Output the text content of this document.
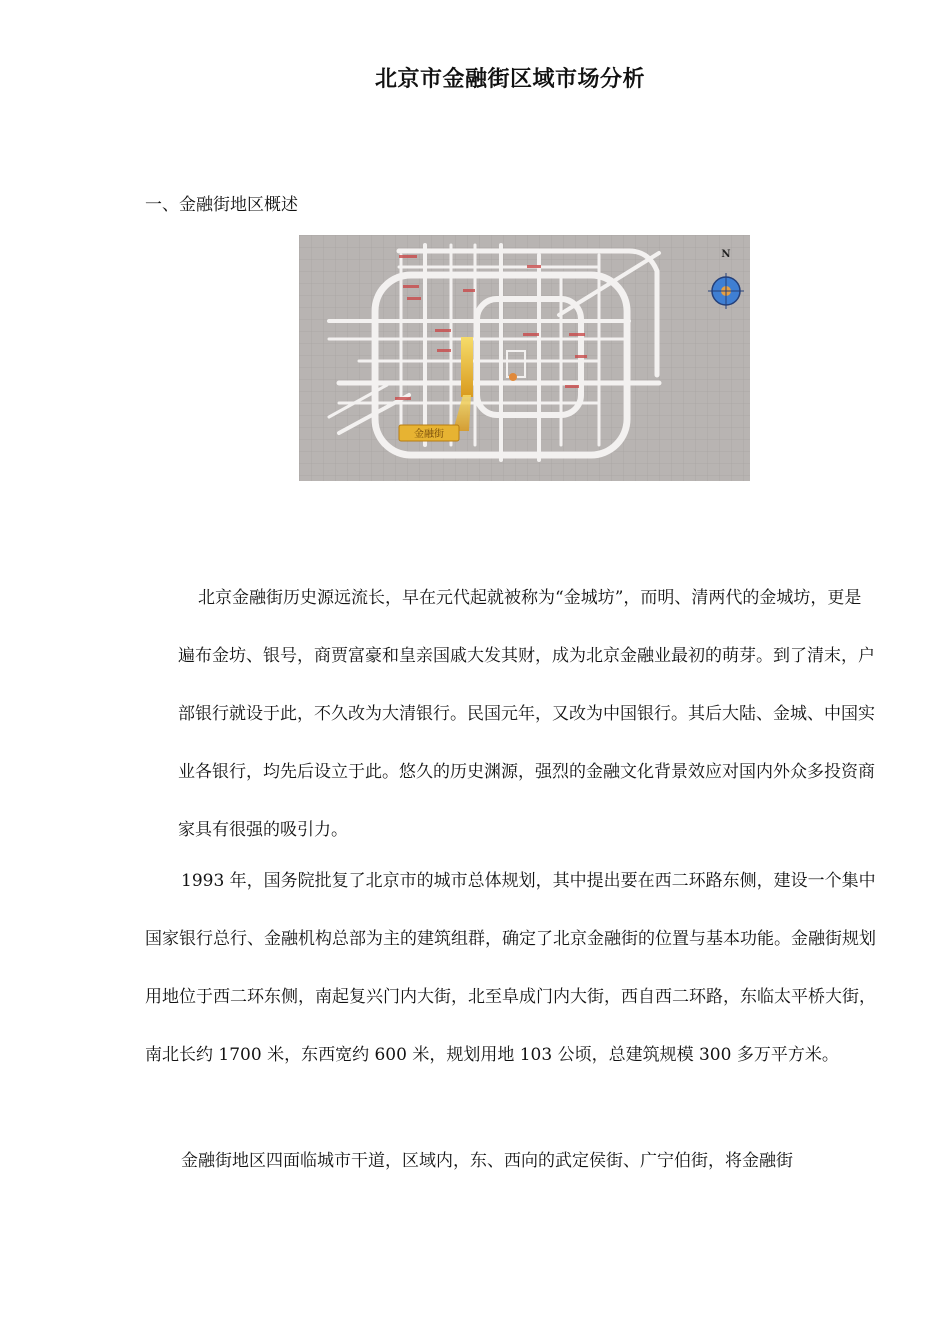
北京市金融街区域市场分析
一、金融街地区概述
金融街
N

北京金融街历史源远流长，早在元代起就被称为“金城坊”，而明、清两代的金城坊，更是遍布金坊、银号，商贾富豪和皇亲国戚大发其财，成为北京金融业最初的萌芽。到了清末，户部银行就设于此，不久改为大清银行。民国元年，又改为中国银行。其后大陆、金城、中国实业各银行，均先后设立于此。悠久的历史渊源，强烈的金融文化背景效应对国内外众多投资商家具有很强的吸引力。

1993 年，国务院批复了北京市的城市总体规划，其中提出要在西二环路东侧，建设一个集中国家银行总行、金融机构总部为主的建筑组群，确定了北京金融街的位置与基本功能。金融街规划用地位于西二环东侧，南起复兴门内大街，北至阜成门内大街，西自西二环路，东临太平桥大街，南北长约 1700 米，东西宽约 600 米，规划用地 103 公顷，总建筑规模 300 多万平方米。

金融街地区四面临城市干道，区域内，东、西向的武定侯街、广宁伯街，将金融街
